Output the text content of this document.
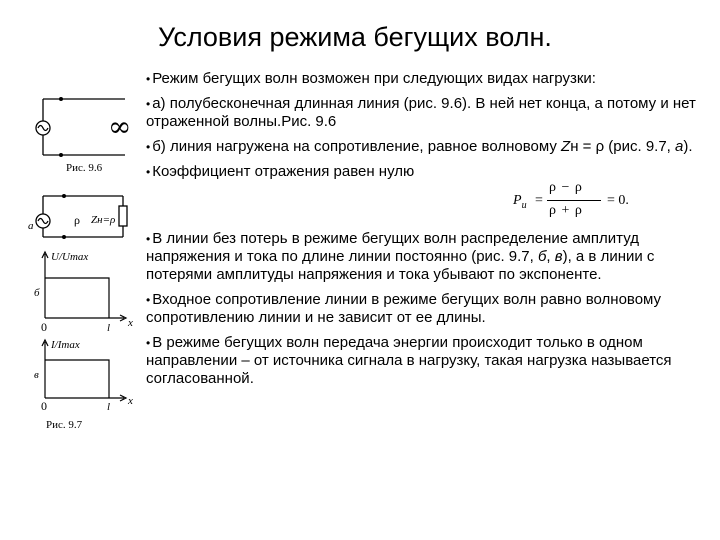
Условия режима бегущих волн.
∞
Рис. 9.6
а	ρ Zн=ρ
б
U/Umax
0	l x
в
I/Imax
0	l x
Рис. 9.7

• Режим бегущих волн возможен при следующих видах нагрузки:

• а) полубесконечная длинная линия (рис. 9.6). В ней нет конца, а потому и нет отраженной волны.Рис. 9.6

• б) линия нагружена на сопротивление, равное волновому Zн = ρ (рис. 9.7, а).

• Коэффициент отражения равен нулю

• В линии без потерь в режиме бегущих волн распределение амплитуд напряжения и тока по длине линии постоянно (рис. 9.7, б, в), а в линии с потерями амплитуды напряжения и тока убывают по экспоненте.

• Входное сопротивление линии в режиме бегущих волн равно волновому сопротивлению линии и не зависит от ее длины.

• В режиме бегущих волн передача энергии происходит только в одном направлении – от источника сигнала в нагрузку, такая нагрузка называется согласованной.

$P_u$ =
ρ − ρ
ρ + ρ
= 0.
